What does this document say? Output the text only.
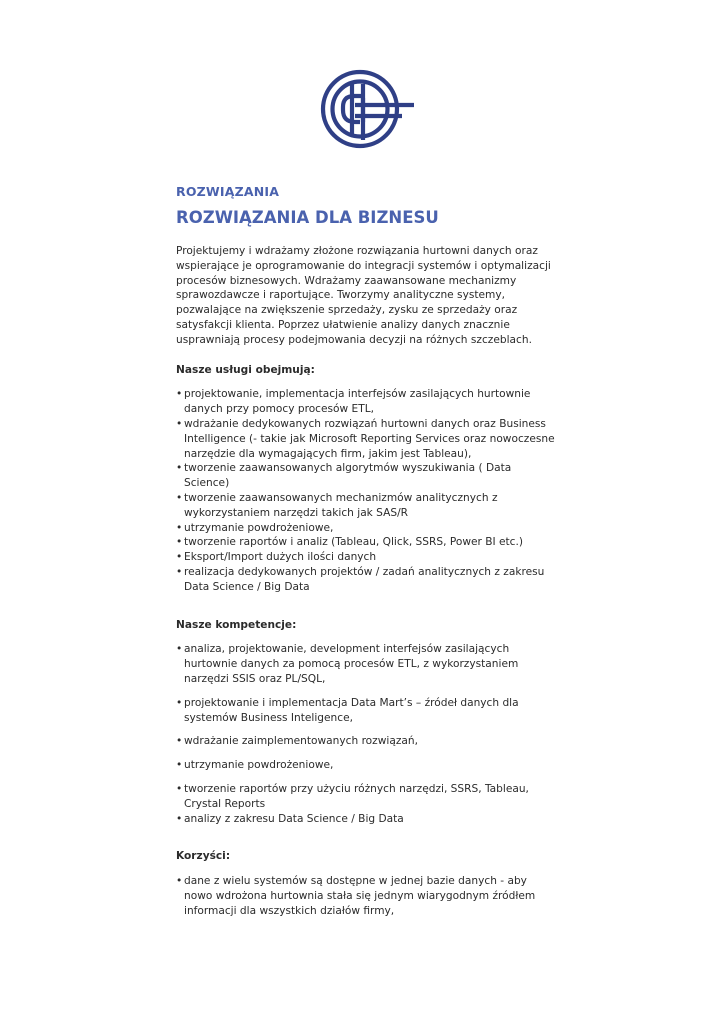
ROZWIĄZANIA

ROZWIĄZANIA DLA BIZNESU

Projektujemy i wdrażamy złożone rozwiązania hurtowni danych oraz wspierające je oprogramowanie do integracji systemów i optymalizacji procesów biznesowych. Wdrażamy zaawansowane mechanizmy sprawozdawcze i raportujące. Tworzymy analityczne systemy, pozwalające na zwiększenie sprzedaży, zysku ze sprzedaży oraz satysfakcji klienta. Poprzez ułatwienie analizy danych znacznie usprawniają procesy podejmowania decyzji na różnych szczeblach.

Nasze usługi obejmują:

• projektowanie, implementacja interfejsów zasilających hurtownie danych przy pomocy procesów ETL,
• wdrażanie dedykowanych rozwiązań hurtowni danych oraz Business Intelligence (- takie jak Microsoft Reporting Services oraz nowoczesne narzędzie dla wymagających firm, jakim jest Tableau),
• tworzenie zaawansowanych algorytmów wyszukiwania ( Data Science)
• tworzenie zaawansowanych mechanizmów analitycznych z wykorzystaniem narzędzi takich jak SAS/R
• utrzymanie powdrożeniowe,
• tworzenie raportów i analiz (Tableau, Qlick, SSRS, Power BI etc.)
• Eksport/Import dużych ilości danych
• realizacja dedykowanych projektów / zadań analitycznych z zakresu Data Science / Big Data

Nasze kompetencje:

• analiza, projektowanie, development interfejsów zasilających hurtownie danych za pomocą procesów ETL, z wykorzystaniem narzędzi SSIS oraz PL/SQL,
• projektowanie i implementacja Data Mart’s – źródeł danych dla systemów Business Inteligence,
• wdrażanie zaimplementowanych rozwiązań,
• utrzymanie powdrożeniowe,
• tworzenie raportów przy użyciu różnych narzędzi, SSRS, Tableau, Crystal Reports
• analizy z zakresu Data Science / Big Data

Korzyści:

• dane z wielu systemów są dostępne w jednej bazie danych - aby nowo wdrożona hurtownia stała się jednym wiarygodnym źródłem informacji dla wszystkich działów firmy,
